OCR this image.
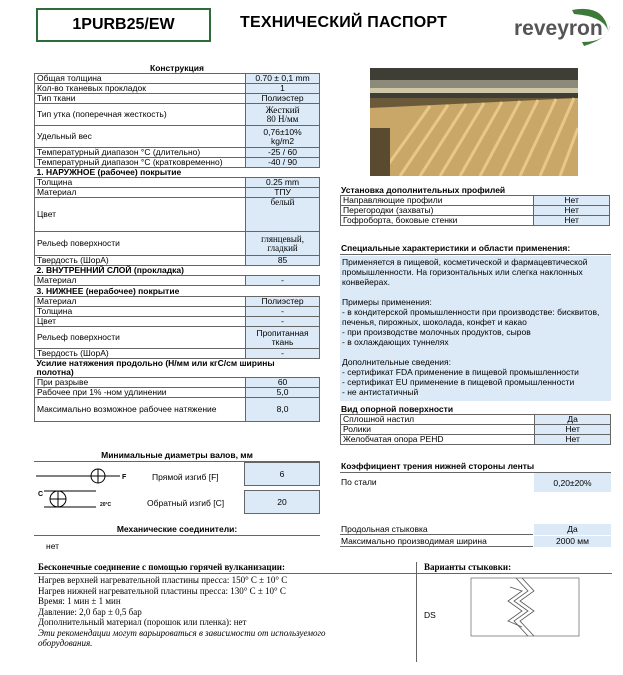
1PURB25/EW	ТЕХНИЧЕСКИЙ ПАСПОРТ	reveyron
Конструкция	
Общая толщина	0.70 ± 0,1 mm
Кол-во тканевых прокладок	1
Тип ткани	Полиэстер
Тип утка (поперечная жесткость)	Жесткий
80 Н/мм

Удельный вес	0,76±10%
kg/m2

Температурный диапазон °С (длительно)	-25 / 60
Температурный диапазон °С (кратковременно)	-40 / 90
1. НАРУЖНОЕ (рабочее) покрытие	
Толщина	0.25 mm
Материал	ТПУ
Цвет	белый
Рельеф поверхности	глянцевый,
гладкий

Твердость (ШорА)	85
2. ВНУТРЕННИЙ СЛОЙ (прокладка)	
Материал	-
3. НИЖНЕЕ (нерабочее) покрытие	
Материал	Полиэстер
Толщина	-
Цвет	-
Рельеф поверхности	Пропитанная
ткань

Твердость (ШорА)	-

Усилие натяжения продольно (Н/мм или кгС/см ширины
полотна)	

При разрыве	60
Рабочее при 1% -ном удлинении	5,0
Максимально возможное рабочее натяжение	8,0
Минимальные диаметры валов, мм
F
C
20°C
Прямой изгиб [F]	6
Обратный изгиб [C]	20
Механические соединители:
нет
Установка дополнительных профилей
Направляющие профили	Нет
Перегородки (захваты)	Нет
Гофроборта, боковые стенки	Нет
Специальные характеристики и области применения:
Применяется в пищевой, косметической и фармацевтической
промышленности. На горизонтальных или слегка наклонных
конвейерах.
Примеры применения:
- в кондитерской промышленности при производстве: бисквитов,
печенья, пирожных, шоколада, конфет и какао
- при производстве молочных продуктов, сыров
- в охлаждающих туннелях
Дополнительные сведения:
- сертификат FDA применение в пищевой промышленности
- сертификат EU применение в пищевой промышленности
- не антистатичный
Вид опорной поверхности
Сплошной настил	Да
Ролики	Нет
Желобчатая опора PEHD	Нет
Коэффициент трения нижней стороны ленты
По стали	0,20±20%
Продольная стыковка	Да
Максимально производимая ширина	2000 мм
Бесконечные соединение с помощью горячей вулканизации:
Нагрев верхней нагревательной пластины пресса: 150° С ± 10° С
Нагрев нижней нагревательной пластины пресса: 130° С ± 10° С
Время: 1 мин ± 1 мин
Давление: 2,0 бар ± 0,5 бар
Дополнительный материал (порошок или пленка): нет
Эти рекомендации могут варьироваться в зависимости от используемого
оборудования.
Варианты стыковки:
DS
